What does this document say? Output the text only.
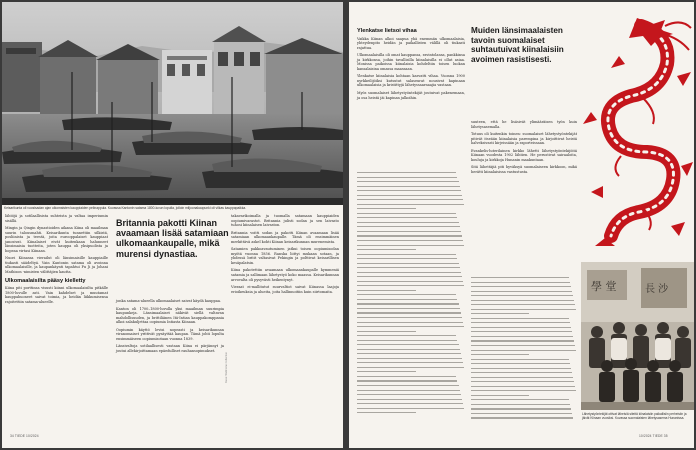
Keisarikunta oli vuosisadan ajan ulkomaisten kauppiaiden pelinappula. Kuvassa Kantonin satama 1800-luvun lopulla, jolloin miljoonakaupunki oli vilkas kauppapaikka.

lähtöjä ja sotilaallisista suhteista ja valtaa imperiumin sisällä.

Mingin ja Qingin dynastioiden aikana Kiina oli maailman suurin talousmahti. Keisarikunta tunnettiin silkistä, posliinista ja teestä, joita eurooppalaiset kauppiaat janosivat. Kiinalaiset eivät kuitenkaan halunneet länsimaisia tuotteita, joten kauppa oli yksipuolista ja hopeaa virtasi Kiinaan.

Nuori Kiinassa vierailut oli länsimaisille kauppiaille tiukasti säädeltyä. Vain Kantonin satama oli avoinna ulkomaalaisille, ja kaupankäynti tapahtui Pu Ji ja Johani Mathison -nimisten välittäjien kautta.

Ulkomaalaisilta pääsy kielletty

Kiina piti porttinsa visusti kiinni ulkomaalaisilta pitkälle 1800-luvulle asti. Vain kahdelset ja muutamat kauppahuoneet saivat toimia, ja heidän liikkumisensa rajoitettiin satama-alueelle.

Britannia pakotti Kiinan avaamaan lisää satamiaan ulkomaankaupalle, mikä murensi dynastiaa.

jonka satama-alueella ulkomaalaiset saivat käydä kauppaa.

Kanton oli 1700–1800-luvulla yksi maailman suurimpia kaupunkeja. Länsimaalaiset näkivät siellä valtavan mahdollisuuden, ja brittiläinen Itä-Intian kauppakomppania alkoi salakuljettaa oopiumia Intiasta Kiinaan.

Oopiumin käyttö levisi nopeasti ja keisarikunnan viranomaiset yrittivät pysäyttää kaupan. Tämä johti lopulta ensimmäiseen oopiumisotaan vuonna 1839.

Länsivaltoja sotilaallisesti vastaan Kiina ei pärjännyt ja joutui allekirjoittamaan epäedulliset rauhansopimukset.

Kuva: Wellcome Collection

takavarikoimalla ja tuomalla satamaan kauppiaiden oopiumivarastot. Britannia julisti sodan ja sen laivasto tuhosi kiinalaisen laivaston.

Britannia voitti sodan ja pakotti Kiinan avaamaan lisää satamiaan ulkomaankaupalle. Tämä oli ensimmäinen merkittävä askel kohti Kiinan keisarikunnan murenemista.

Satamien pakkoavautuminen jatkui toisen oopiumisodan myötä vuonna 1856. Ranska liittyi mukaan sotaan, ja yhdessä britit valtasivat Pekingin ja polttivat keisarillisen kesäpalatsin.

Kiina pakotettiin avaamaan ulkomaankaupalle kymmeniä satamia ja sallimaan lähetystyö koko maassa. Keisarikunnan arvovalta oli pysyvästi heikentynyt.

Vieraat ei-mallitutut suurvaltiot saivat Kiinassa laajoja erioikeuksia ja alueita, joita hallinnoitiin kuin siirtomaita.

34 TIEDE 10/2024
Ylenkatse lietsoi vihaa

Vaikka Kiinan alkoi saapua yhä enemmän ulkomaalaisia, yhteydenpito heidän ja paikallisten välillä oli tiukasti rajattua.

Ulkomaalaisilla oli omat kauppansa, ravintolansa, pankkinsa ja kirkkonsa, joihin tavallisilla kiinalaisilla ei ollut asiaa. Monissa paikoissa kiinalaisia kohdeltiin toisen luokan kansalaisina omassa maassaan.

Ylenkatse kiinalaisia kohtaan kasvatti vihaa. Vuonna 1900 nyrkkeilijöiksi kutsutut salaseurat nousivat kapinaan ulkomaalaisia ja kristittyjä lähetyssaarnaajia vastaan.

Myös suomalaiset lähetystyöntekijät joutuivat pakenemaan, ja osa heistä jäi kapinan jalkoihin.

Muiden länsimaalaisten tavoin suomalaiset suhtautuivat kiinalaisiin avoimen rasistisesti.

suuteen, että he lisäsivät ylimääräisen työn kuin lähetysasemalla.

Totuus oli kuitenkin toinen: suomalaiset lähetystyöntekijät pitivät itseään kiinalaisia parempina ja kirjoittivat heistä halveksivasti kirjeissään ja raporteissaan.

Evankelis-luterilainen kirkko lähetti lähetystyöntekijöitä Kiinaan vuodesta 1902 lähtien. He perustivat sairaaloita, kouluja ja kirkkoja Hunanin maakuntaan.

Sitä lähettäjiä piti hyväksyä suomalaiseen kirkkoon, mikä herätti kiinalaisissa vastustusta.

學 堂	長 沙
Lähetystyöntekijät ottivat läheisiä siteitä kiinalaisiin paikallisiin perheisiin ja jäivät Kiinaan vuosiksi. Kuvassa suomalaisten lähetysasema Hunanissa.
10/2024 TIEDE 35
